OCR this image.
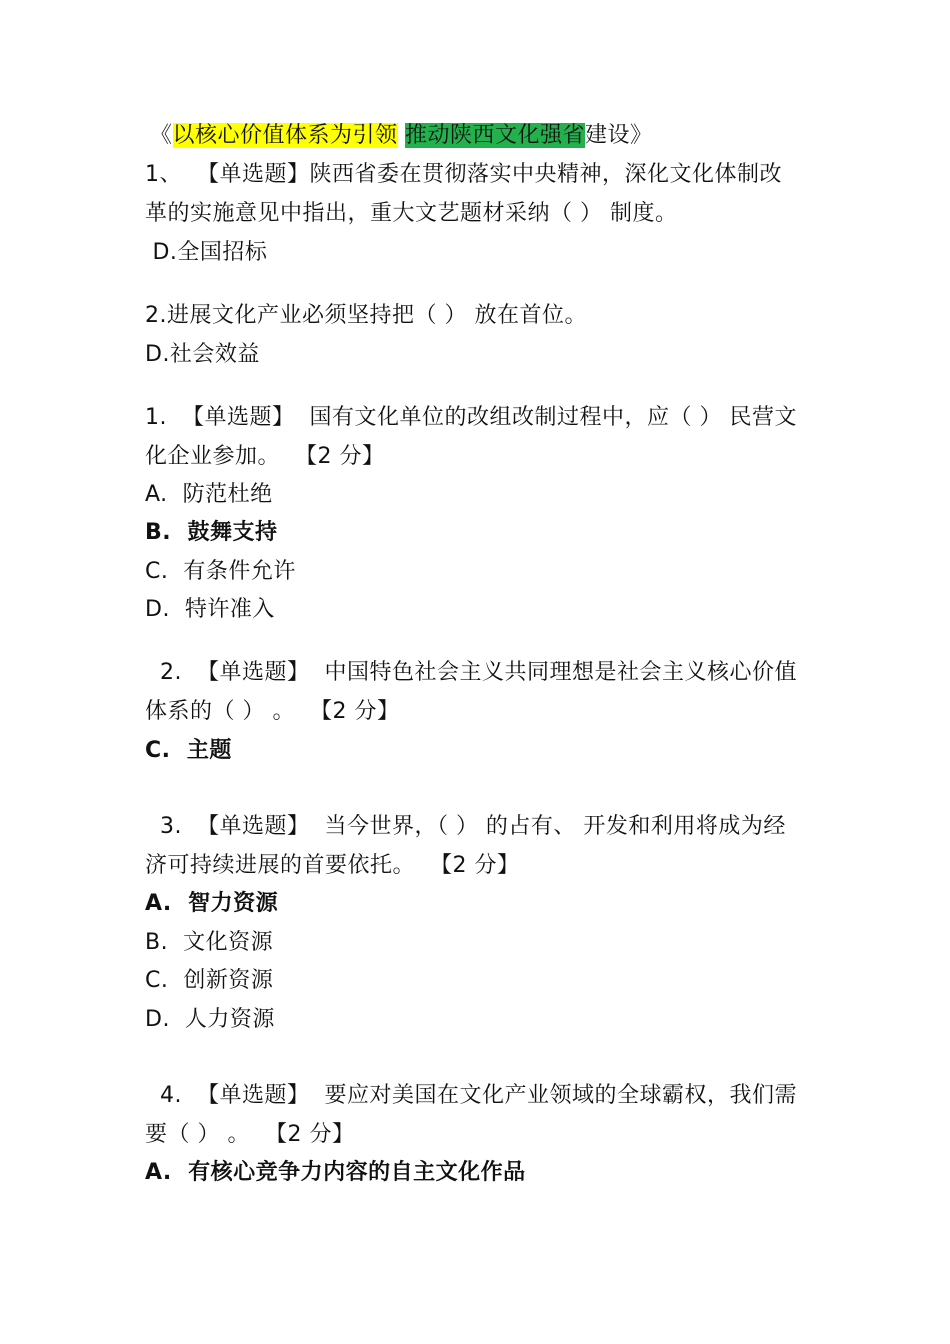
《以核心价值体系为引领 推动陕西文化强省建设》
1、  【单选题】陕西省委在贯彻落实中央精神，深化文化体制改
革的实施意见中指出，重大文艺题材采纳（ ） 制度。
D.全国招标
2.进展文化产业必须坚持把（ ） 放在首位。
D.社会效益
1.  【单选题】  国有文化单位的改组改制过程中，应（ ） 民营文
化企业参加。  【2 分】
A.  防范杜绝
B.  鼓舞支持
C.  有条件允许
D.  特许准入
2.  【单选题】  中国特色社会主义共同理想是社会主义核心价值
体系的（ ） 。  【2 分】
C.  主题
3.  【单选题】  当今世界，（ ） 的占有、 开发和利用将成为经
济可持续进展的首要依托。  【2 分】
A.  智力资源
B.  文化资源
C.  创新资源
D.  人力资源
4.  【单选题】  要应对美国在文化产业领域的全球霸权，我们需
要（ ） 。  【2 分】
A.  有核心竞争力内容的自主文化作品
